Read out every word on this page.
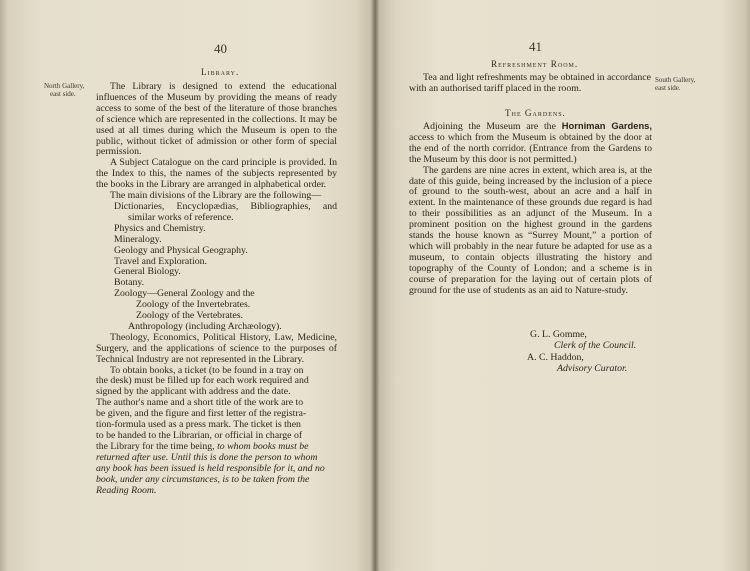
40
Library.
North Gallery,
east side.

The Library is designed to extend the educational influences of the Museum by providing the means of ready access to some of the best of the literature of those branches of science which are represented in the collections. It may be used at all times during which the Museum is open to the public, without ticket of admission or other form of special permission.

A Subject Catalogue on the card principle is provided. In the Index to this, the names of the subjects represented by the books in the Library are arranged in alphabetical order.

The main divisions of the Library are the following—

Dictionaries, Encyclopædias, Bibliographies, and similar works of reference.

Physics and Chemistry.

Mineralogy.

Geology and Physical Geography.

Travel and Exploration.

General Biology.

Botany.

Zoology—General Zoology and the

Zoology of the Invertebrates.

Zoology of the Vertebrates.

Anthropology (including Archæology).

Theology, Economics, Political History, Law, Medicine, Surgery, and the applications of science to the purposes of Technical Industry are not represented in the Library.

To obtain books, a ticket (to be found in a tray on

the desk) must be filled up for each work required and

signed by the applicant with address and the date.

The author's name and a short title of the work are to

be given, and the figure and first letter of the registra-

tion-formula used as a press mark. The ticket is then

to be handed to the Librarian, or official in charge of

the Library for the time being, to whom books must be

returned after use. Until this is done the person to whom

any book has been issued is held responsible for it, and no

book, under any circumstances, is to be taken from the

Reading Room.

41
Refreshment Room.
South Gallery,
east side.

Tea and light refreshments may be obtained in accordance with an authorised tariff placed in the room.

The Gardens.

Adjoining the Museum are the Horniman Gardens, access to which from the Museum is obtained by the door at the end of the north corridor. (Entrance from the Gardens to the Museum by this door is not permitted.)

The gardens are nine acres in extent, which area is, at the date of this guide, being increased by the inclusion of a piece of ground to the south-west, about an acre and a half in extent. In the maintenance of these grounds due regard is had to their possibilities as an adjunct of the Museum. In a prominent position on the highest ground in the gardens stands the house known as “Surrey Mount,” a portion of which will probably in the near future be adapted for use as a museum, to contain objects illustrating the history and topography of the County of London; and a scheme is in course of preparation for the laying out of certain plots of ground for the use of students as an aid to Nature-study.

G. L. Gomme,
Clerk of the Council.
A. C. Haddon,
Advisory Curator.
